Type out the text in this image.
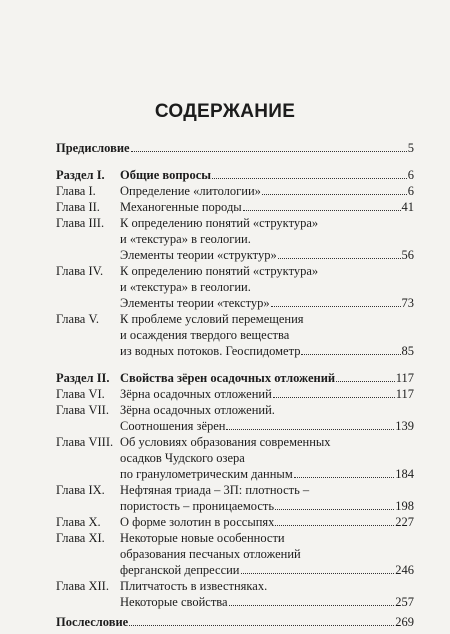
СОДЕРЖАНИЕ
Предисловие	5
Раздел I. Общие вопросы	6
Глава I. Определение «литологии»	6
Глава II. Механогенные породы	41
Глава III. К определению понятий «структура»
и «текстура» в геологии.
Элементы теории «структур»	56
Глава IV. К определению понятий «структура»
и «текстура» в геологии.
Элементы теории «текстур»	73
Глава V. К проблеме условий перемещения
и осаждения твердого вещества
из водных потоков. Геоспидометр	85
Раздел II. Свойства зёрен осадочных отложений	117
Глава VI. Зёрна осадочных отложений	117
Глава VII. Зёрна осадочных отложений.
Соотношения зёрен	139
Глава VIII. Об условиях образования современных
осадков Чудского озера
по гранулометрическим данным	184
Глава IX. Нефтяная триада – 3П: плотность –
пористость – проницаемость	198
Глава X. О форме золотин в россыпях	227
Глава XI. Некоторые новые особенности
образования песчаных отложений
ферганской депрессии	246
Глава XII. Плитчатость в известняках.
Некоторые свойства	257
Послесловие	269
